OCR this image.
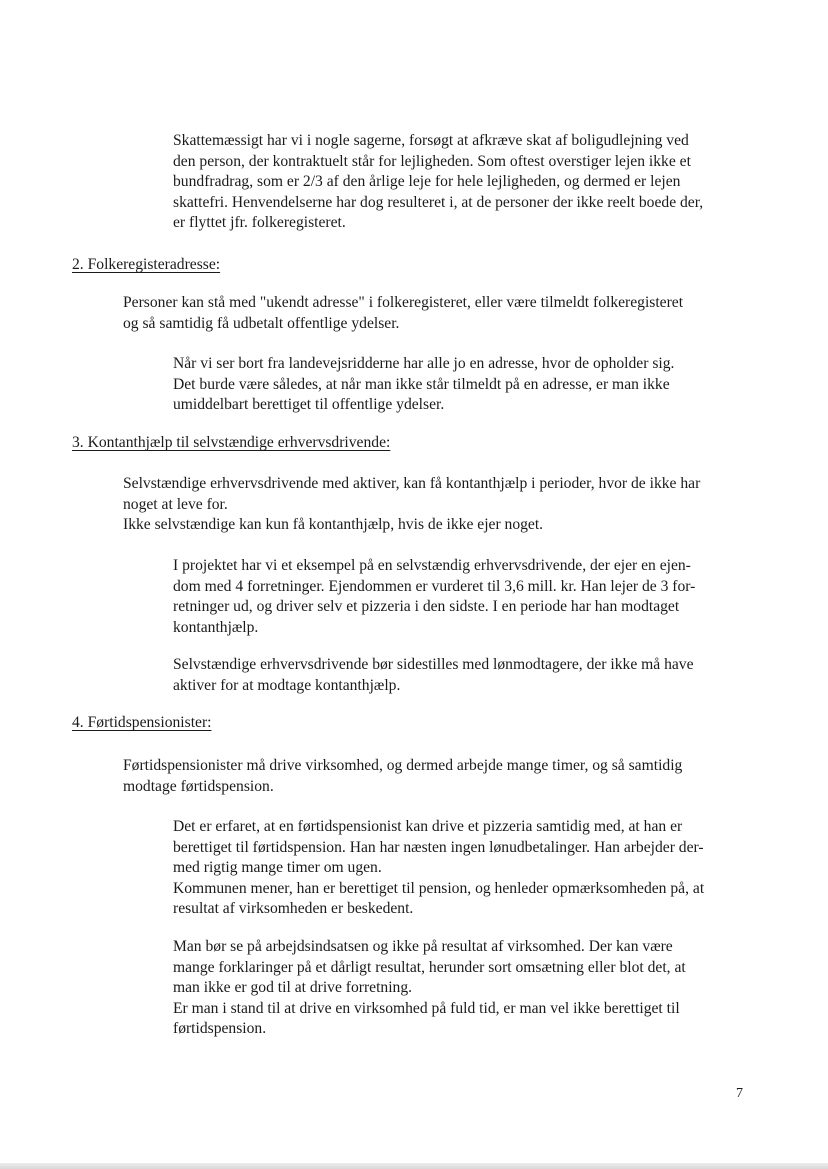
Skattemæssigt har vi i nogle sagerne, forsøgt at afkræve skat af boligudlejning ved
den person, der kontraktuelt står for lejligheden. Som oftest overstiger lejen ikke et
bundfradrag, som er 2/3 af den årlige leje for hele lejligheden, og dermed er lejen
skattefri. Henvendelserne har dog resulteret i, at de personer der ikke reelt boede der,
er flyttet jfr. folkeregisteret.

2. Folkeregisteradresse:

Personer kan stå med "ukendt adresse" i folkeregisteret, eller være tilmeldt folkeregisteret
og så samtidig få udbetalt offentlige ydelser.

Når vi ser bort fra landevejsridderne har alle jo en adresse, hvor de opholder sig.
Det burde være således, at når man ikke står tilmeldt på en adresse, er man ikke
umiddelbart berettiget til offentlige ydelser.

3. Kontanthjælp til selvstændige erhvervsdrivende:

Selvstændige erhvervsdrivende med aktiver, kan få kontanthjælp i perioder, hvor de ikke har
noget at leve for.
Ikke selvstændige kan kun få kontanthjælp, hvis de ikke ejer noget.

I projektet har vi et eksempel på en selvstændig erhvervsdrivende, der ejer en ejen-
dom med 4 forretninger. Ejendommen er vurderet til 3,6 mill. kr. Han lejer de 3 for-
retninger ud, og driver selv et pizzeria i den sidste. I en periode har han modtaget
kontanthjælp.

Selvstændige erhvervsdrivende bør sidestilles med lønmodtagere, der ikke må have
aktiver for at modtage kontanthjælp.

4. Førtidspensionister:

Førtidspensionister må drive virksomhed, og dermed arbejde mange timer, og så samtidig
modtage førtidspension.

Det er erfaret, at en førtidspensionist kan drive et pizzeria samtidig med, at han er
berettiget til førtidspension. Han har næsten ingen lønudbetalinger. Han arbejder der-
med rigtig mange timer om ugen.
Kommunen mener, han er berettiget til pension, og henleder opmærksomheden på, at
resultat af virksomheden er beskedent.

Man bør se på arbejdsindsatsen og ikke på resultat af virksomhed. Der kan være
mange forklaringer på et dårligt resultat, herunder sort omsætning eller blot det, at
man ikke er god til at drive forretning.
Er man i stand til at drive en virksomhed på fuld tid, er man vel ikke berettiget til
førtidspension.

7
